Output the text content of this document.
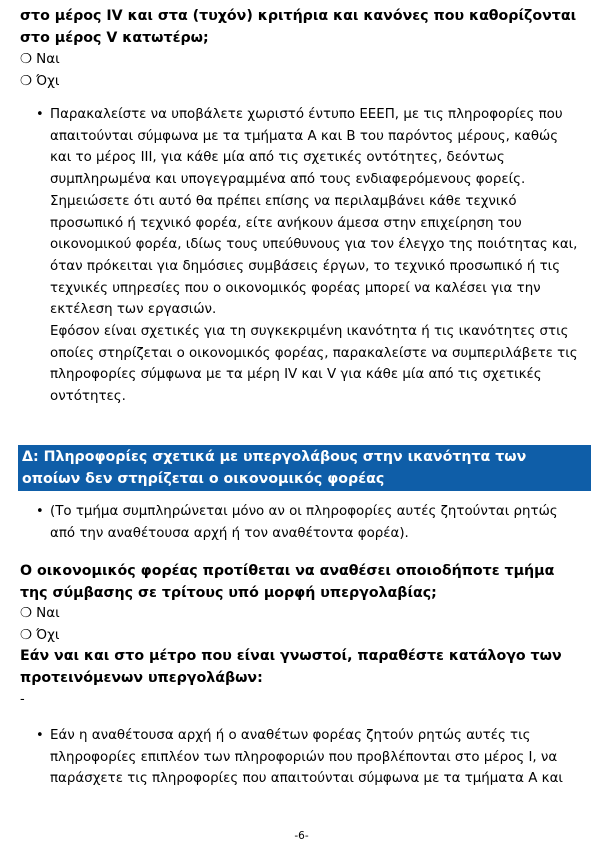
στο μέρος IV και στα (τυχόν) κριτήρια και κανόνες που καθορίζονται στο μέρος V κατωτέρω;

❍ Ναι
❍ Όχι
• Παρακαλείστε να υποβάλετε χωριστό έντυπο ΕΕΕΠ, με τις πληροφορίες που απαιτούνται σύμφωνα με τα τμήματα Α και Β του παρόντος μέρους, καθώς και το μέρος ΙΙΙ, για κάθε μία από τις σχετικές οντότητες, δεόντως συμπληρωμένα και υπογεγραμμένα από τους ενδιαφερόμενους φορείς. Σημειώσετε ότι αυτό θα πρέπει επίσης να περιλαμβάνει κάθε τεχνικό προσωπικό ή τεχνικό φορέα, είτε ανήκουν άμεσα στην επιχείρηση του οικονομικού φορέα, ιδίως τους υπεύθυνους για τον έλεγχο της ποιότητας και, όταν πρόκειται για δημόσιες συμβάσεις έργων, το τεχνικό προσωπικό ή τις τεχνικές υπηρεσίες που ο οικονομικός φορέας μπορεί να καλέσει για την εκτέλεση των εργασιών.

Εφόσον είναι σχετικές για τη συγκεκριμένη ικανότητα ή τις ικανότητες στις οποίες στηρίζεται ο οικονομικός φορέας, παρακαλείστε να συμπεριλάβετε τις πληροφορίες σύμφωνα με τα μέρη IV και V για κάθε μία από τις σχετικές οντότητες.

Δ: Πληροφορίες σχετικά με υπεργολάβους στην ικανότητα των οποίων δεν στηρίζεται ο οικονομικός φορέας
• (Το τμήμα συμπληρώνεται μόνο αν οι πληροφορίες αυτές ζητούνται ρητώς από την αναθέτουσα αρχή ή τον αναθέτοντα φορέα).

Ο οικονομικός φορέας προτίθεται να αναθέσει οποιοδήποτε τμήμα της σύμβασης σε τρίτους υπό μορφή υπεργολαβίας;

❍ Ναι
❍ Όχι

Εάν ναι και στο μέτρο που είναι γνωστοί, παραθέστε κατάλογο των προτεινόμενων υπεργολάβων:

-
• Εάν η αναθέτουσα αρχή ή ο αναθέτων φορέας ζητούν ρητώς αυτές τις πληροφορίες επιπλέον των πληροφοριών που προβλέπονται στο μέρος Ι, να παράσχετε τις πληροφορίες που απαιτούνται σύμφωνα με τα τμήματα Α και

-6-
